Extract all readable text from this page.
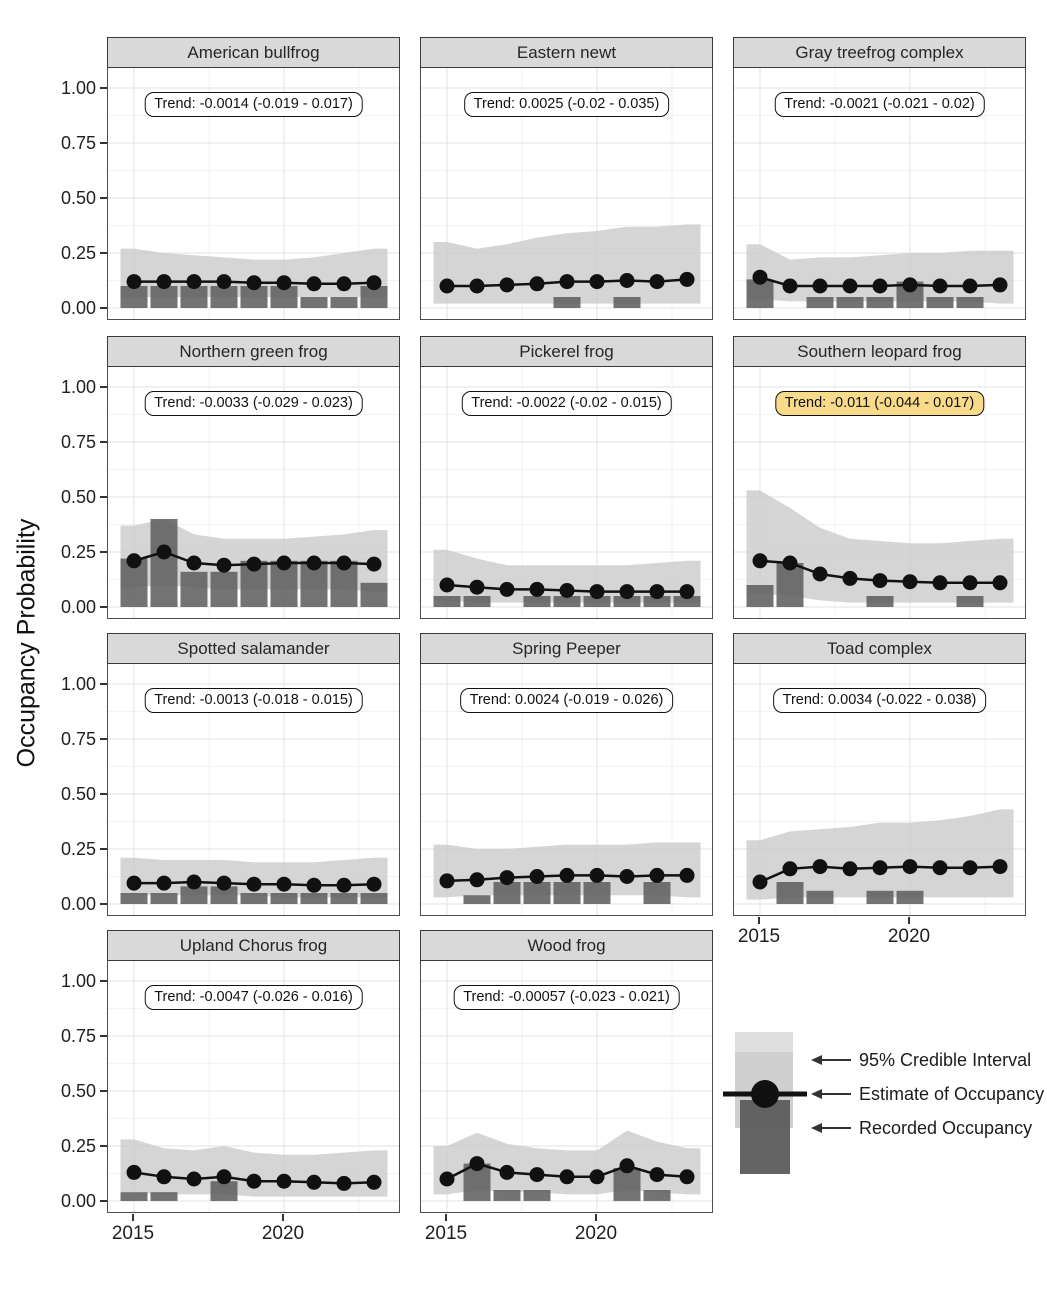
Occupancy Probability
American bullfrog
Trend: -0.0014 (-0.019 - 0.017)
Eastern newt
Trend: 0.0025 (-0.02 - 0.035)
Gray treefrog complex
Trend: -0.0021 (-0.021 - 0.02)
Northern green frog
Trend: -0.0033 (-0.029 - 0.023)
Pickerel frog
Trend: -0.0022 (-0.02 - 0.015)
Southern leopard frog
Trend: -0.011 (-0.044 - 0.017)
Spotted salamander
Trend: -0.0013 (-0.018 - 0.015)
Spring Peeper
Trend: 0.0024 (-0.019 - 0.026)
Toad complex
Trend: 0.0034 (-0.022 - 0.038)
Upland Chorus frog
Trend: -0.0047 (-0.026 - 0.016)
Wood frog
Trend: -0.00057 (-0.023 - 0.021)
1.00
0.75
0.50
0.25
0.00
1.00
0.75
0.50
0.25
0.00
1.00
0.75
0.50
0.25
0.00
2015	2020
1.00
0.75
0.50
0.25
0.00
2015	2020	2015	2020
95% Credible Interval
Estimate of Occupancy
Recorded Occupancy
